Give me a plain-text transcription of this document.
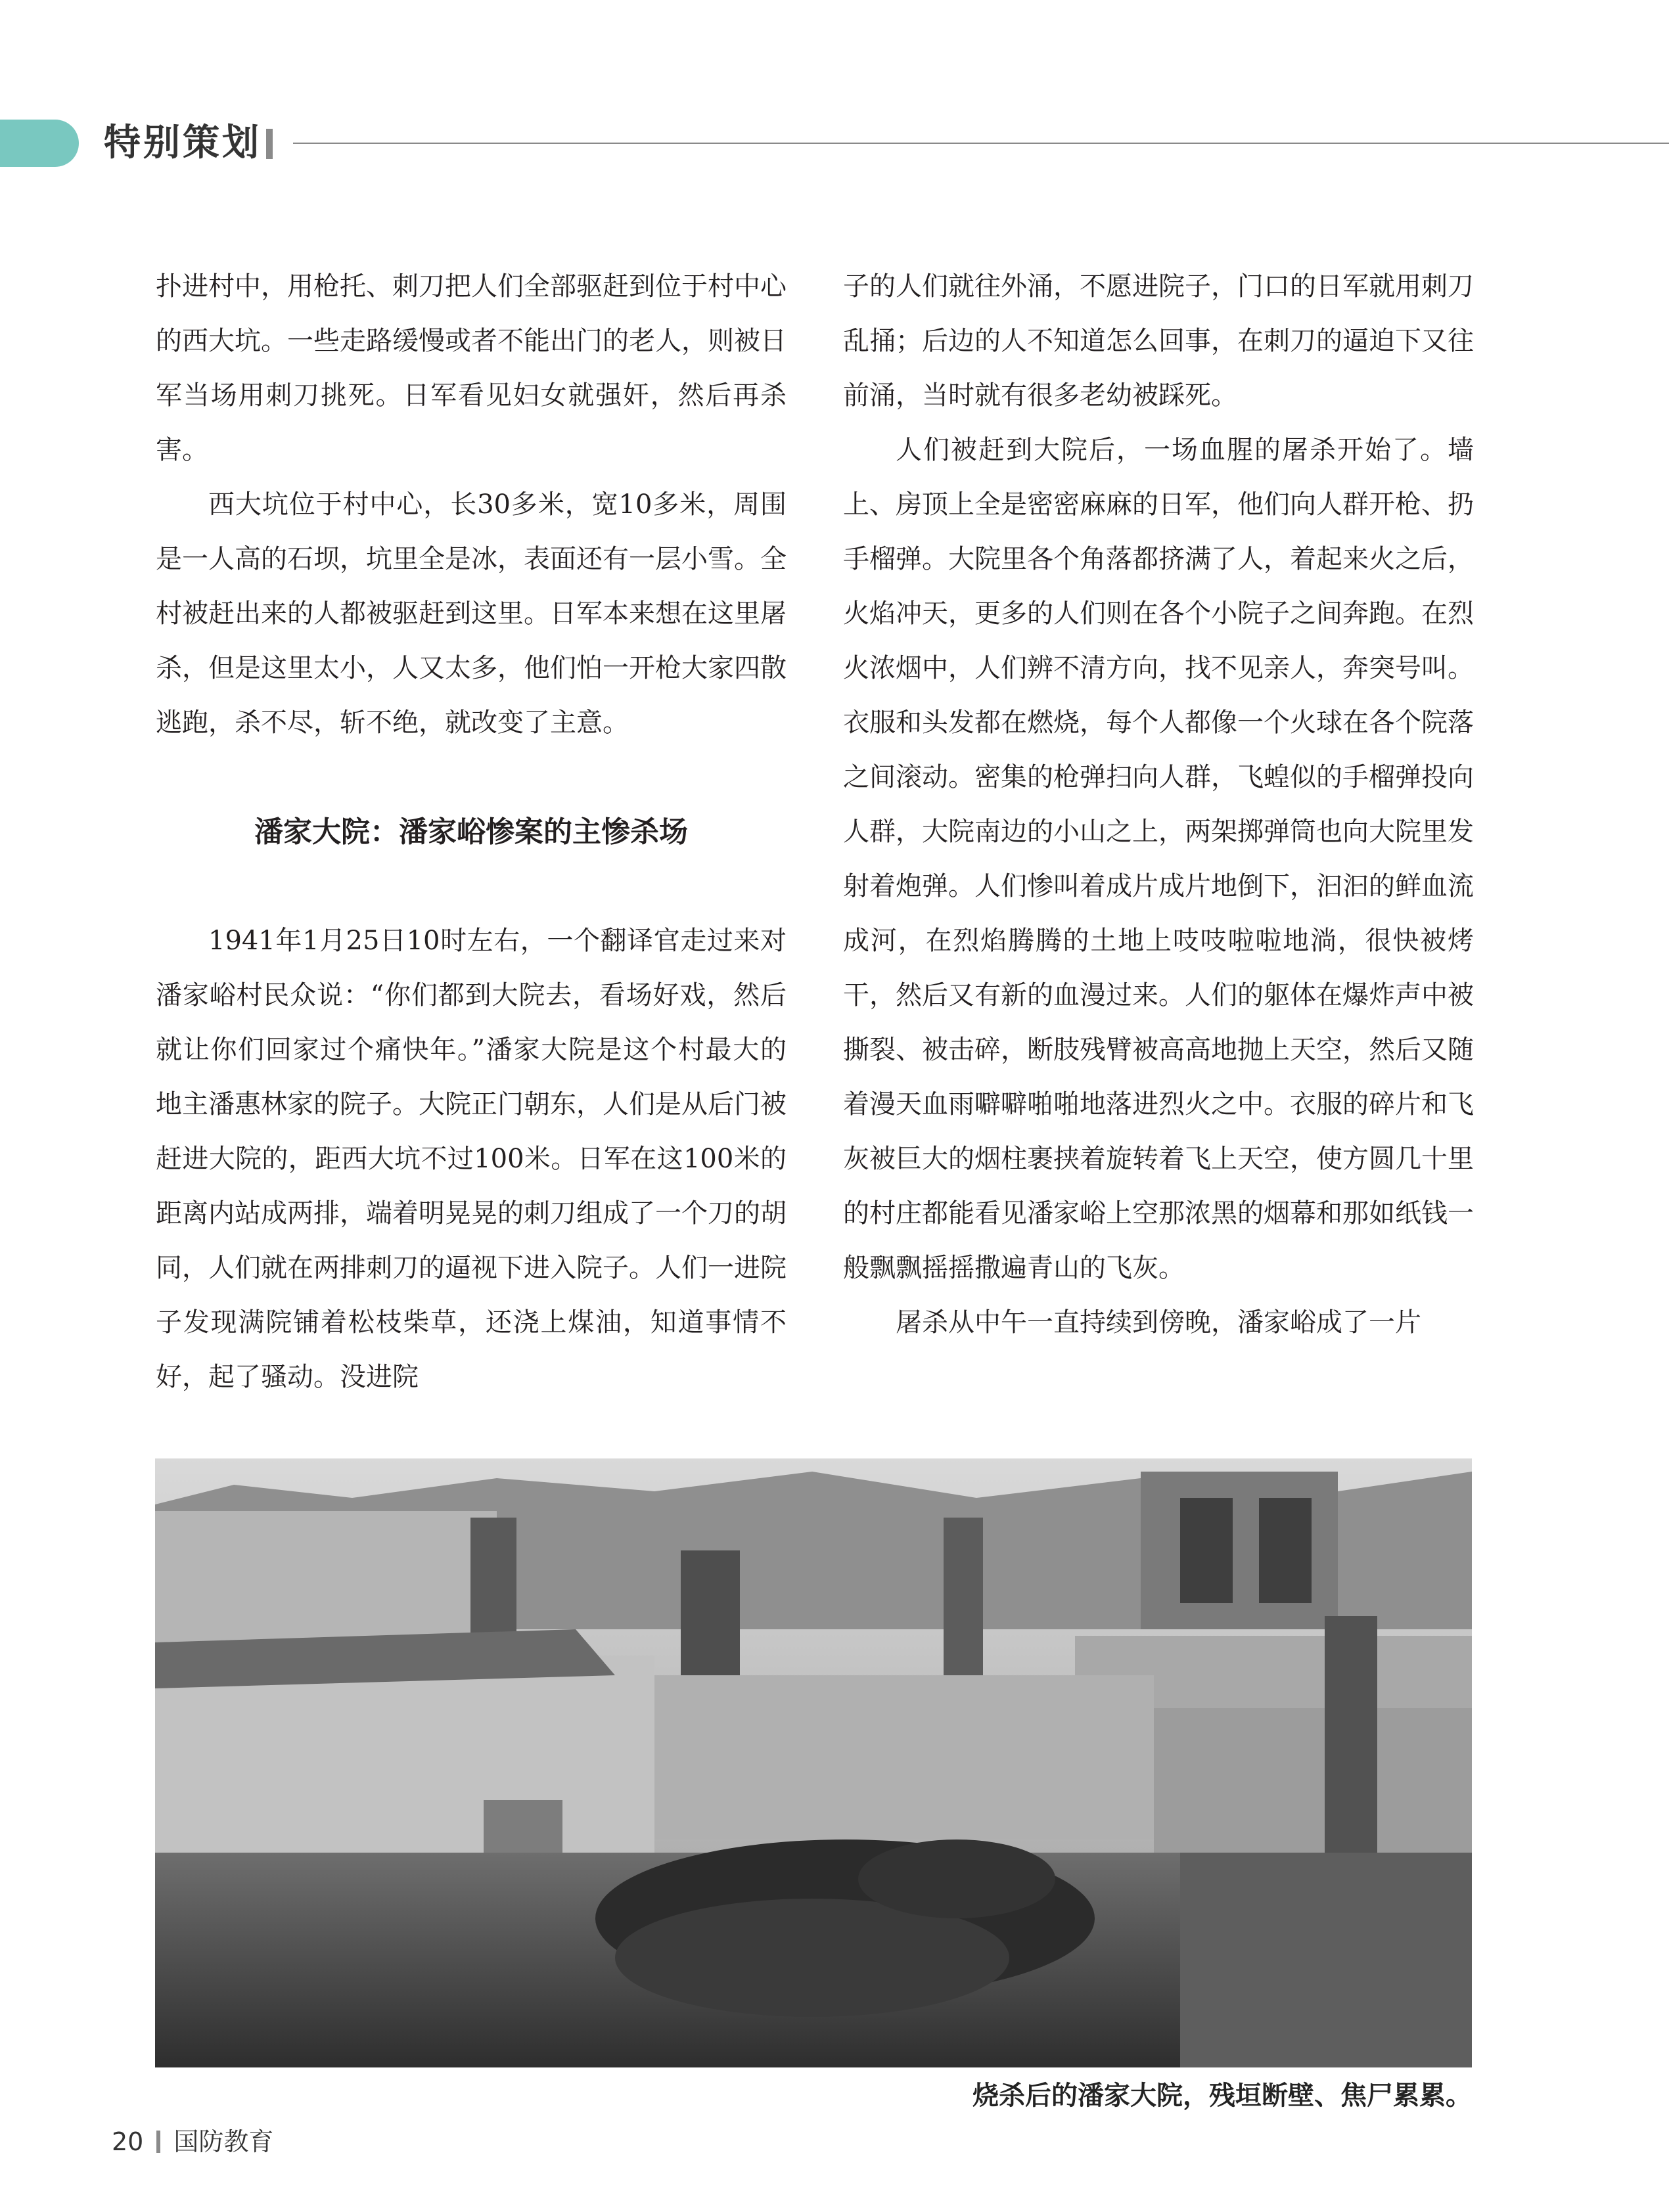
特别策划

扑进村中，用枪托、刺刀把人们全部驱赶到位于村中心的西大坑。一些走路缓慢或者不能出门的老人，则被日军当场用刺刀挑死。日军看见妇女就强奸，然后再杀害。

西大坑位于村中心，长30多米，宽10多米，周围是一人高的石坝，坑里全是冰，表面还有一层小雪。全村被赶出来的人都被驱赶到这里。日军本来想在这里屠杀，但是这里太小，人又太多，他们怕一开枪大家四散逃跑，杀不尽，斩不绝，就改变了主意。

潘家大院：潘家峪惨案的主惨杀场

1941年1月25日10时左右，一个翻译官走过来对潘家峪村民众说：“你们都到大院去，看场好戏，然后就让你们回家过个痛快年。”潘家大院是这个村最大的地主潘惠林家的院子。大院正门朝东，人们是从后门被赶进大院的，距西大坑不过100米。日军在这100米的距离内站成两排，端着明晃晃的刺刀组成了一个刀的胡同，人们就在两排刺刀的逼视下进入院子。人们一进院子发现满院铺着松枝柴草，还浇上煤油，知道事情不好，起了骚动。没进院

子的人们就往外涌，不愿进院子，门口的日军就用刺刀乱捅；后边的人不知道怎么回事，在刺刀的逼迫下又往前涌，当时就有很多老幼被踩死。

人们被赶到大院后，一场血腥的屠杀开始了。墙上、房顶上全是密密麻麻的日军，他们向人群开枪、扔手榴弹。大院里各个角落都挤满了人，着起来火之后，火焰冲天，更多的人们则在各个小院子之间奔跑。在烈火浓烟中，人们辨不清方向，找不见亲人，奔突号叫。衣服和头发都在燃烧，每个人都像一个火球在各个院落之间滚动。密集的枪弹扫向人群，飞蝗似的手榴弹投向人群，大院南边的小山之上，两架掷弹筒也向大院里发射着炮弹。人们惨叫着成片成片地倒下，汩汩的鲜血流成河，在烈焰腾腾的土地上吱吱啦啦地淌，很快被烤干，然后又有新的血漫过来。人们的躯体在爆炸声中被撕裂、被击碎，断肢残臂被高高地抛上天空，然后又随着漫天血雨噼噼啪啪地落进烈火之中。衣服的碎片和飞灰被巨大的烟柱裹挟着旋转着飞上天空，使方圆几十里的村庄都能看见潘家峪上空那浓黑的烟幕和那如纸钱一般飘飘摇摇撒遍青山的飞灰。

屠杀从中午一直持续到傍晚，潘家峪成了一片

烧杀后的潘家大院，残垣断壁、焦尸累累。
20 国防教育
